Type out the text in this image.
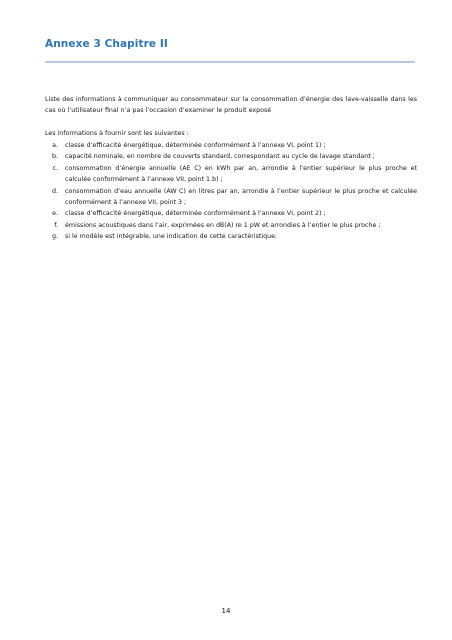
Annexe 3 Chapitre II
Liste des informations à communiquer au consommateur sur la consommation d’énergie des lave-vaisselle dans les cas où l’utilisateur final n’a pas l’occasion d’examiner le produit exposé
Les informations à fournir sont les suivantes :
a.	classe d’efficacité énergétique, déterminée conformément à l’annexe VI, point 1) ;
b.	capacité nominale, en nombre de couverts standard, correspondant au cycle de lavage standard ;
c.	consommation d’énergie annuelle (AE C) en kWh par an, arrondie à l’entier supérieur le plus proche et calculée conformément à l’annexe VII, point 1.b) ;
d.	consommation d’eau annuelle (AW C) en litres par an, arrondie à l’entier supérieur le plus proche et calculée conformément à l’annexe VII, point 3 ;
e.	classe d’efficacité énergétique, déterminée conformément à l’annexe VI, point 2) ;
f.	émissions acoustiques dans l’air, exprimées en dB(A) re 1 pW et arrondies à l’entier le plus proche ;
g.	si le modèle est intégrable, une indication de cette caractéristique.
14
